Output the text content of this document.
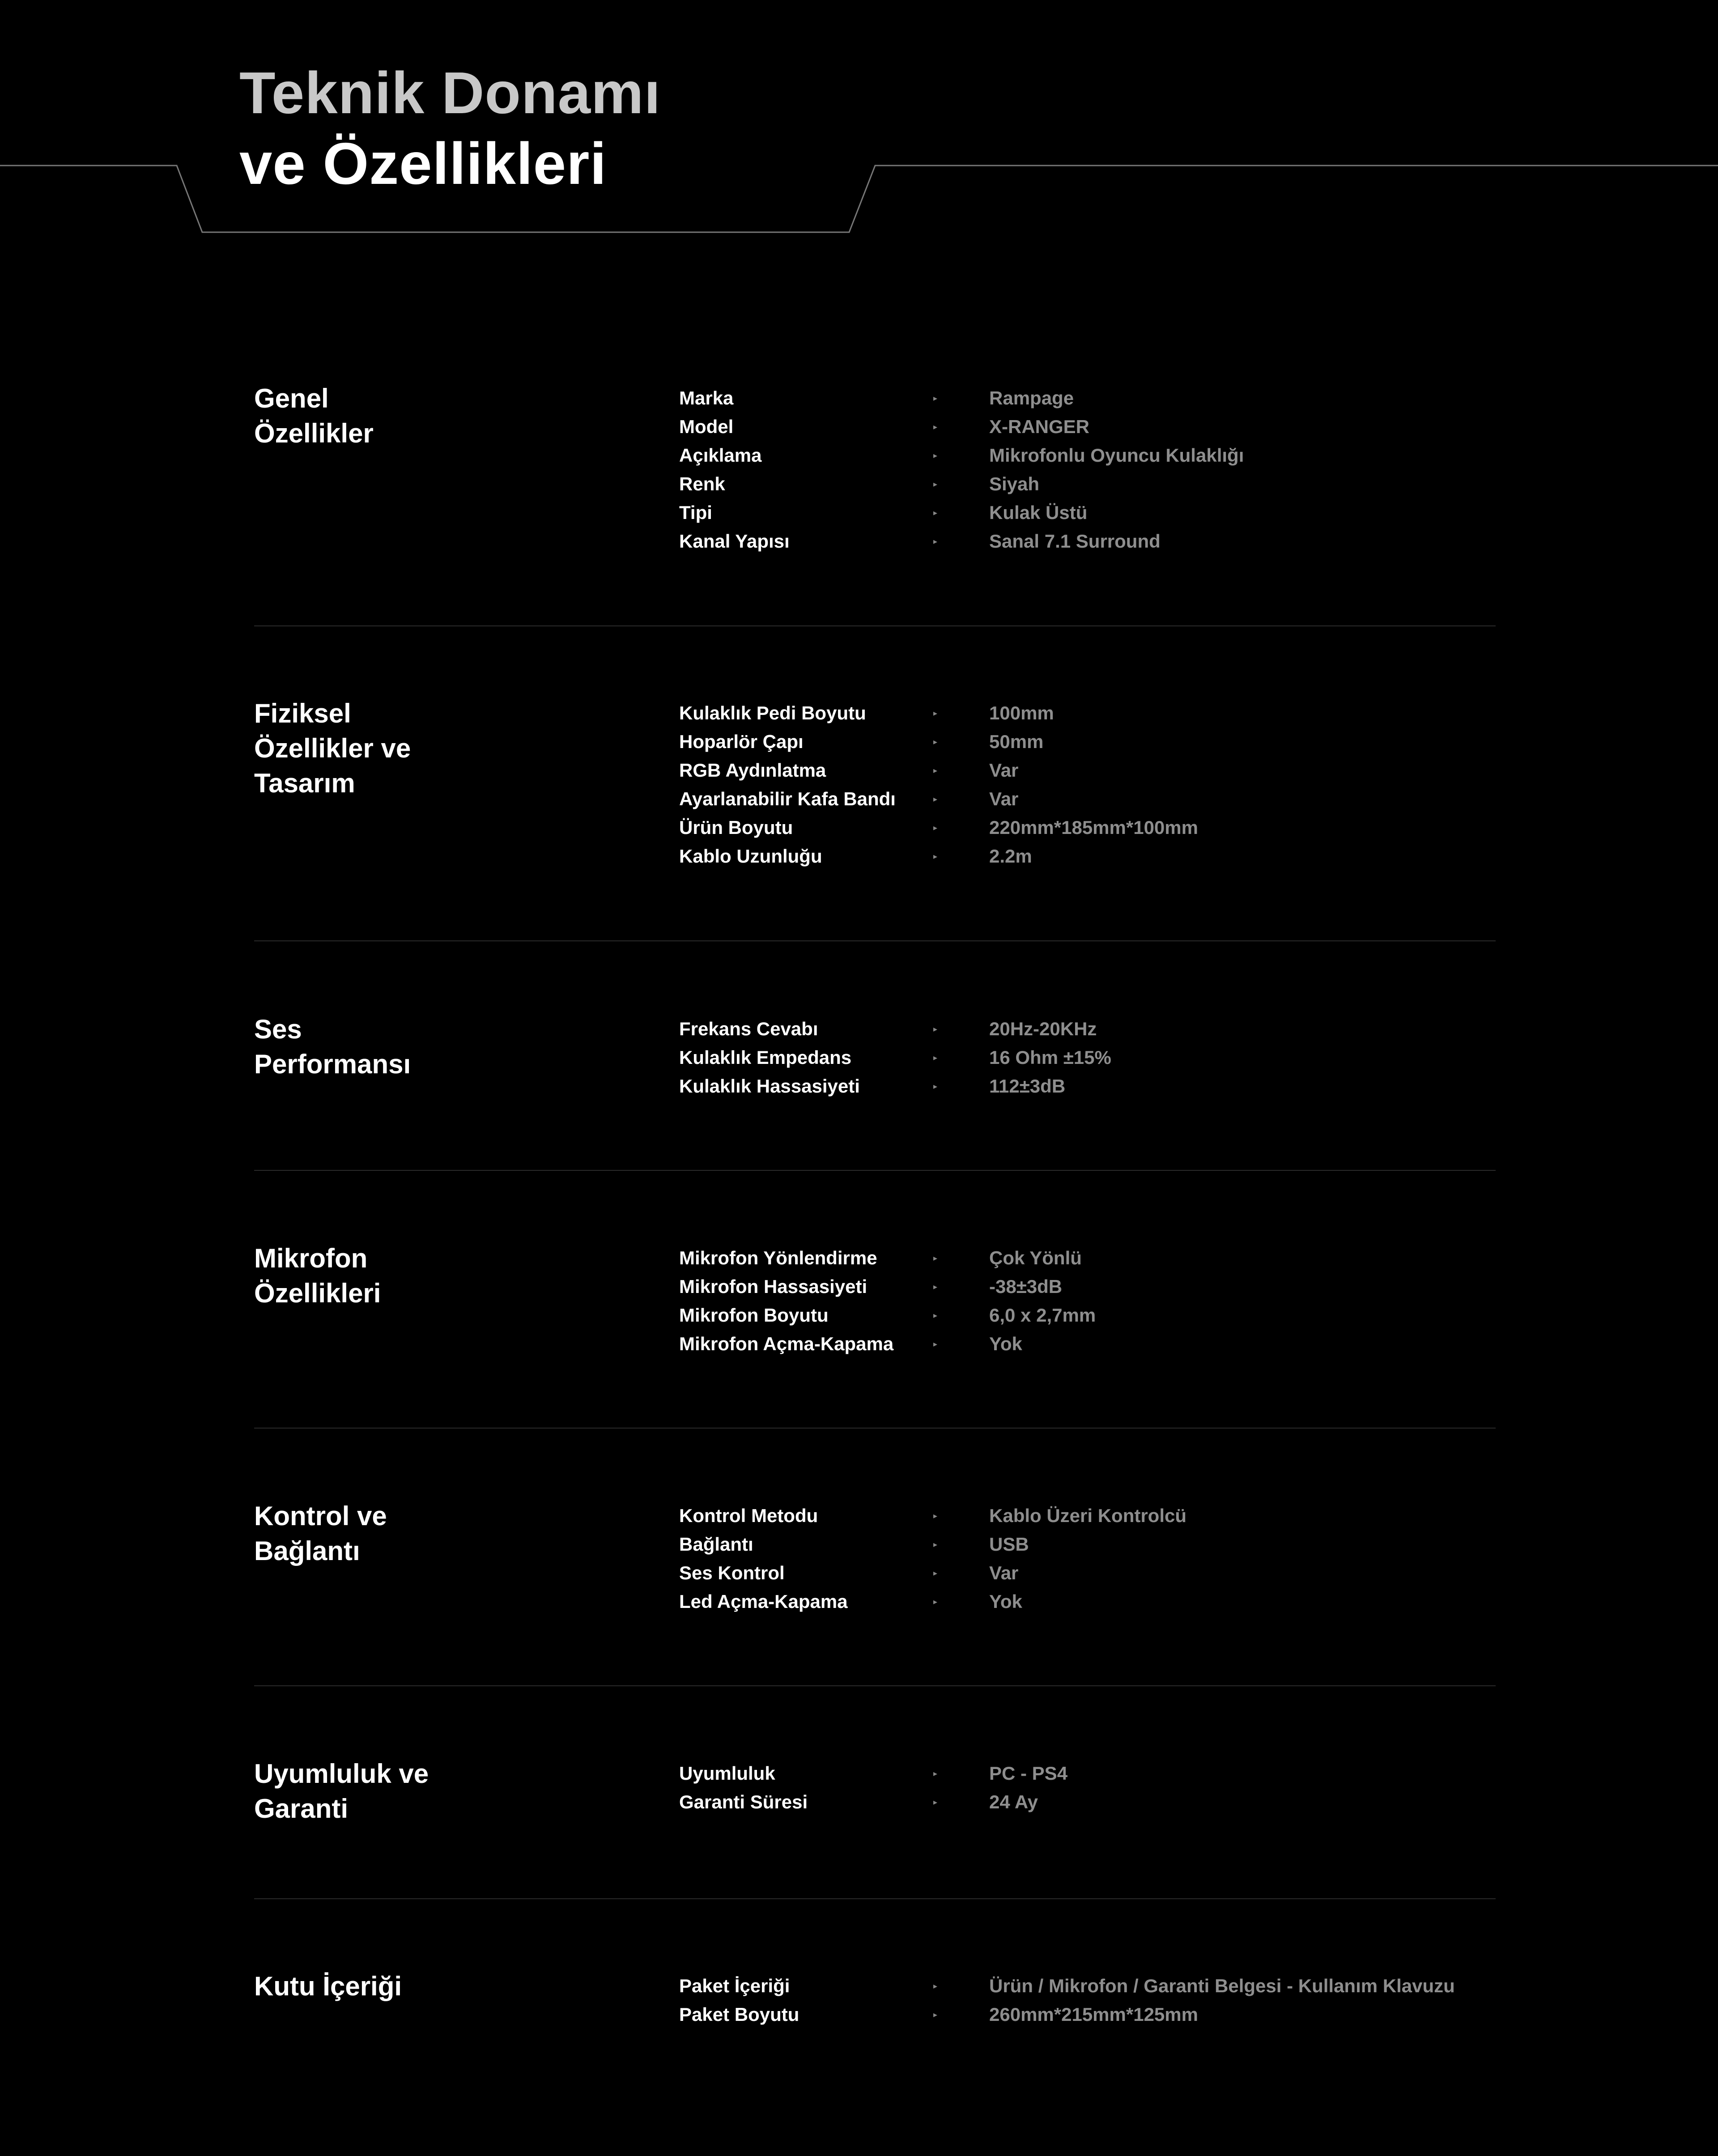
Teknik Donamı
ve Özellikleri
Genel
Özellikler
Marka	▸	Rampage
Model	▸	X-RANGER
Açıklama	▸	Mikrofonlu Oyuncu Kulaklığı
Renk	▸	Siyah
Tipi	▸	Kulak Üstü
Kanal Yapısı	▸	Sanal 7.1 Surround
Fiziksel
Özellikler ve
Tasarım
Kulaklık Pedi Boyutu	▸	100mm
Hoparlör Çapı	▸	50mm
RGB Aydınlatma	▸	Var
Ayarlanabilir Kafa Bandı	▸	Var
Ürün Boyutu	▸	220mm*185mm*100mm
Kablo Uzunluğu	▸	2.2m
Ses
Performansı
Frekans Cevabı	▸	20Hz-20KHz
Kulaklık Empedans	▸	16 Ohm ±15%
Kulaklık Hassasiyeti	▸	112±3dB
Mikrofon
Özellikleri
Mikrofon Yönlendirme	▸	Çok Yönlü
Mikrofon Hassasiyeti	▸	-38±3dB
Mikrofon Boyutu	▸	6,0 x 2,7mm
Mikrofon Açma-Kapama	▸	Yok
Kontrol ve
Bağlantı
Kontrol Metodu	▸	Kablo Üzeri Kontrolcü
Bağlantı	▸	USB
Ses Kontrol	▸	Var
Led Açma-Kapama	▸	Yok
Uyumluluk ve
Garanti
Uyumluluk	▸	PC - PS4
Garanti Süresi	▸	24 Ay
Kutu İçeriği	Paket İçeriği	▸	Ürün / Mikrofon / Garanti Belgesi - Kullanım Klavuzu
Paket Boyutu	▸	260mm*215mm*125mm
